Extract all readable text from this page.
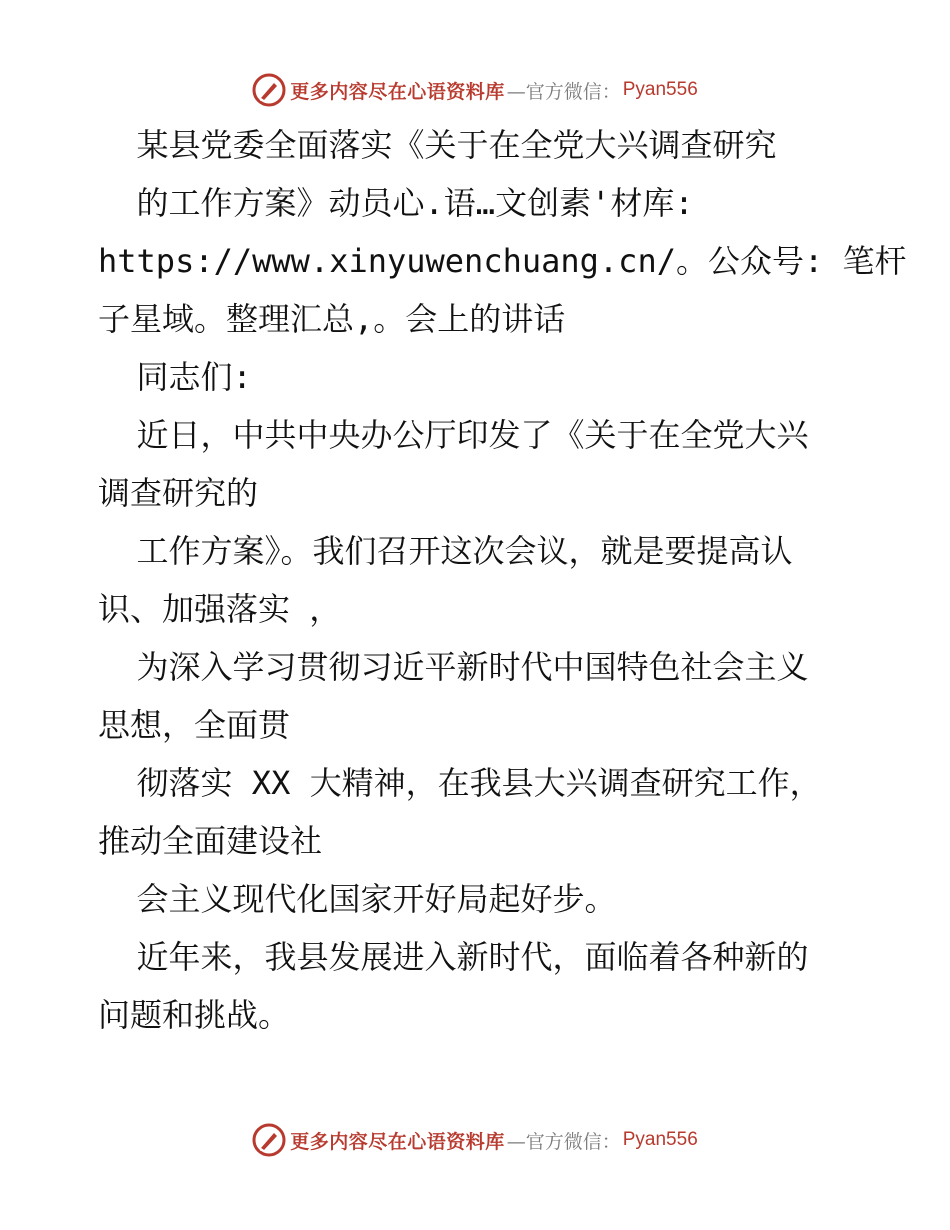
更多内容尽在心语资料库 —官方微信： Pyan556
某县党委全面落实《关于在全党大兴调查研究
的工作方案》动员心.语…文创素'材库:
https://www.xinyuwenchuang.cn/。公众号: 笔杆
子星域。整理汇总,。会上的讲话
同志们:
近日，中共中央办公厅印发了《关于在全党大兴
调查研究的
工作方案》。我们召开这次会议，就是要提高认
识、加强落实 ，
为深入学习贯彻习近平新时代中国特色社会主义
思想，全面贯
彻落实 XX 大精神，在我县大兴调查研究工作，
推动全面建设社
会主义现代化国家开好局起好步。
近年来，我县发展进入新时代，面临着各种新的
问题和挑战。
更多内容尽在心语资料库 —官方微信： Pyan556
